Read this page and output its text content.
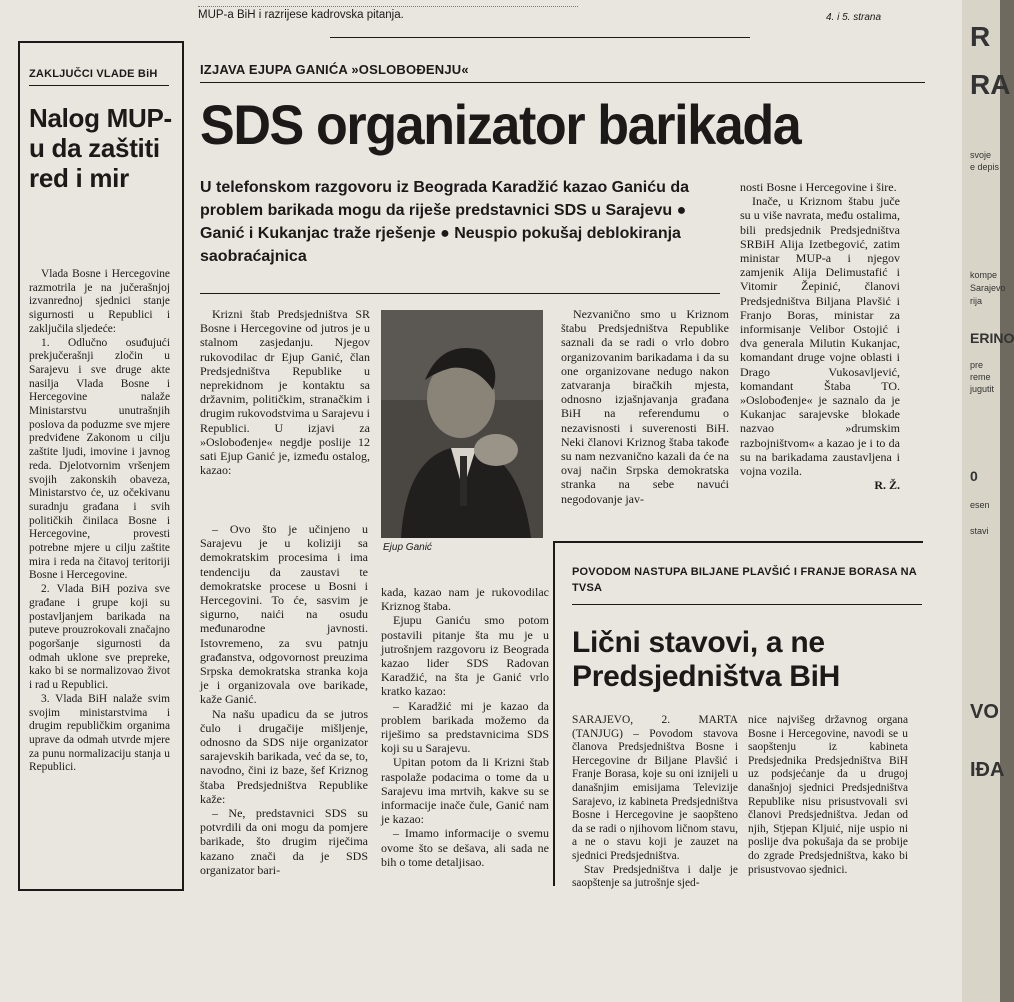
MUP-a BiH i razrijese kadrovska pitanja.	4. i 5. strana
ZAKLJUČCI VLADE BiH
Nalog MUP-u da zaštiti red i mir

Vlada Bosne i Hercegovine razmotrila je na jučerašnjoj izvanrednoj sjednici stanje sigurnosti u Republici i zaključila sljedeće:

1. Odlučno osuđujući prekjučerašnji zločin u Sarajevu i sve druge akte nasilja Vlada Bosne i Hercegovine nalaže Ministarstvu unutrašnjih poslova da poduzme sve mjere predviđene Zakonom u cilju zaštite ljudi, imovine i javnog reda. Djelotvornim vršenjem svojih zakonskih obaveza, Ministarstvo će, uz očekivanu suradnju građana i svih političkih činilaca Bosne i Hercegovine, provesti potrebne mjere u cilju zaštite mira i reda na čitavoj teritoriji Bosne i Hercegovine.

2. Vlada BiH poziva sve građane i grupe koji su postavljanjem barikada na puteve prouzrokovali značajno pogoršanje sigurnosti da odmah uklone sve prepreke, kako bi se normalizovao život i rad u Republici.

3. Vlada BiH nalaže svim svojim ministarstvima i drugim republičkim organima uprave da odmah utvrde mjere za punu normalizaciju stanja u Republici.

IZJAVA EJUPA GANIĆA »OSLOBOĐENJU«
SDS organizator barikada
U telefonskom razgovoru iz Beograda Karadžić kazao Ganiću da problem barikada mogu da riješe predstavnici SDS u Sarajevu ● Ganić i Kukanjac traže rješenje ● Neuspio pokušaj deblokiranja saobraćajnica

Krizni štab Predsjedništva SR Bosne i Hercegovine od jutros je u stalnom zasjedanju. Njegov rukovodilac dr Ejup Ganić, član Predsjedništva Republike u neprekidnom je kontaktu sa državnim, političkim, stranačkim i drugim rukovodstvima u Sarajevu i Republici. U izjavi za »Oslobođenje« negdje poslije 12 sati Ejup Ganić je, između ostalog, kazao:

– Ovo što je učinjeno u Sarajevu je u koliziji sa demokratskim procesima i ima tendenciju da zaustavi te demokratske procese u Bosni i Hercegovini. To će, sasvim je sigurno, naići na osudu međunarodne javnosti. Istovremeno, za svu patnju građanstva, odgovornost preuzima Srpska demokratska stranka koja je i organizovala ove barikade, kaže Ganić.

Na našu upadicu da se jutros čulo i drugačije mišljenje, odnosno da SDS nije organizator sarajevskih barikada, već da se, to, navodno, čini iz baze, šef Kriznog štaba Predsjedništva Republike kaže:

– Ne, predstavnici SDS su potvrdili da oni mogu da pomjere barikade, što drugim riječima kazano znači da je SDS organizator bari-

Ejup Ganić

kada, kazao nam je rukovodilac Kriznog štaba.

Ejupu Ganiću smo potom postavili pitanje šta mu je u jutrošnjem razgovoru iz Beograda kazao lider SDS Radovan Karadžić, na šta je Ganić vrlo kratko kazao:

– Karadžić mi je kazao da problem barikada možemo da riješimo sa predstavnicima SDS koji su u Sarajevu.

Upitan potom da li Krizni štab raspolaže podacima o tome da u Sarajevu ima mrtvih, kakve su se informacije inače čule, Ganić nam je kazao:

– Imamo informacije o svemu ovome što se dešava, ali sada ne bih o tome detaljisao.

Nezvanično smo u Kriznom štabu Predsjedništva Republike saznali da se radi o vrlo dobro organizovanim barikadama i da su one organizovane nedugo nakon zatvaranja biračkih mjesta, odnosno izjašnjavanja građana BiH na referendumu o nezavisnosti i suverenosti BiH. Neki članovi Kriznog štaba takođe su nam nezvanično kazali da će na ovaj način Srpska demokratska stranka na sebe navući negodovanje jav-

nosti Bosne i Hercegovine i šire.

Inače, u Kriznom štabu juče su u više navrata, među ostalima, bili predsjednik Predsjedništva SRBiH Alija Izetbegović, zatim ministar MUP-a i njegov zamjenik Alija Delimustafić i Vitomir Žepinić, članovi Predsjedništva Biljana Plavšić i Franjo Boras, ministar za informisanje Velibor Ostojić i dva generala Milutin Kukanjac, komandant druge vojne oblasti i Drago Vukosavljević, komandant Štaba TO. »Oslobođenje« je saznalo da je Kukanjac sarajevske blokade nazvao »drumskim razbojništvom« a kazao je i to da su na barikadama zaustavljena i vojna vozila.

R. Ž.

POVODOM NASTUPA BILJANE PLAVŠIĆ I FRANJE BORASA NA TVSA
Lični stavovi, a ne Predsjedništva BiH

SARAJEVO, 2. MARTA (TANJUG) – Povodom stavova članova Predsjedništva Bosne i Hercegovine dr Biljane Plavšić i Franje Borasa, koje su oni iznijeli u današnjim emisijama Televizije Sarajevo, iz kabineta Predsjedništva Bosne i Hercegovine je saopšteno da se radi o njihovom ličnom stavu, a ne o stavu koji je zauzet na sjednici Predsjedništva.

Stav Predsjedništva i dalje je saopštenje sa jutrošnje sjed-

nice najvišeg državnog organa Bosne i Hercegovine, navodi se u saopštenju iz kabineta Predsjednika Predsjedništva BiH uz podsjećanje da u drugoj današnjoj sjednici Predsjedništva Republike nisu prisustvovali svi članovi Predsjedništva. Jedan od njih, Stjepan Kljuić, nije uspio ni poslije dva pokušaja da se probije do zgrade Predsjedništva, kako bi prisustvovao sjednici.

R
RA
svoje
e depis
kompe
Sarajevo
rija
ERINO
pre
reme
jugutit
0
esen
stavi
VO
IĐA
